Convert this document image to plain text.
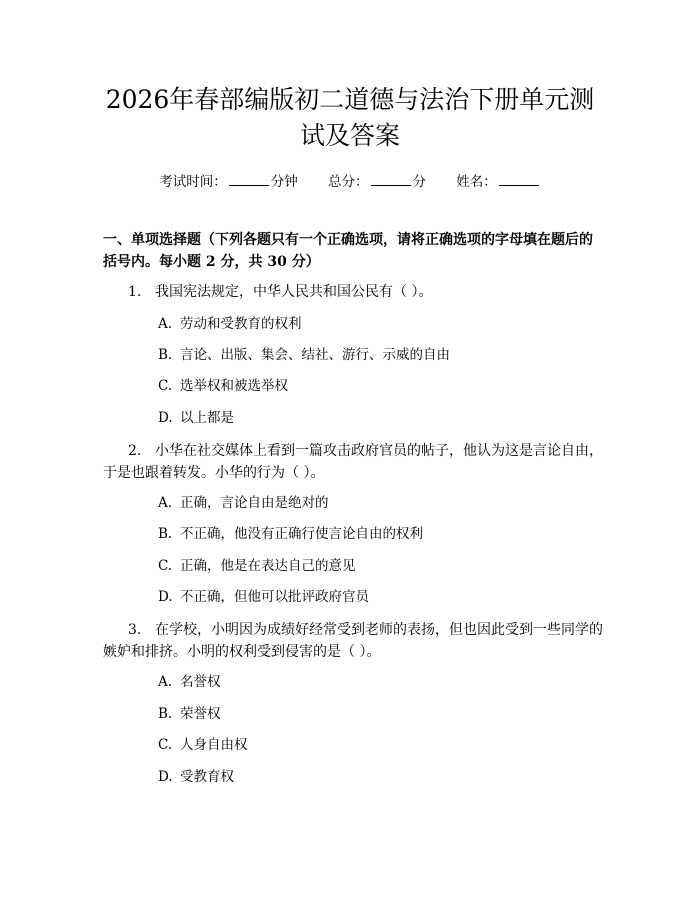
2026年春部编版初二道德与法治下册单元测
试及答案
考试时间：	分钟 总分：	分 姓名：
一、单项选择题（下列各题只有一个正确选项，请将正确选项的字母填在题后的括号内。每小题 2 分，共 30 分）
1. 我国宪法规定，中华人民共和国公民有（ ）。
A. 劳动和受教育的权利
B. 言论、出版、集会、结社、游行、示威的自由
C. 选举权和被选举权
D. 以上都是
2. 小华在社交媒体上看到一篇攻击政府官员的帖子，他认为这是言论自由，于是也跟着转发。小华的行为（ ）。
A. 正确，言论自由是绝对的
B. 不正确，他没有正确行使言论自由的权利
C. 正确，他是在表达自己的意见
D. 不正确，但他可以批评政府官员
3. 在学校，小明因为成绩好经常受到老师的表扬，但也因此受到一些同学的嫉妒和排挤。小明的权利受到侵害的是（ ）。
A. 名誉权
B. 荣誉权
C. 人身自由权
D. 受教育权
